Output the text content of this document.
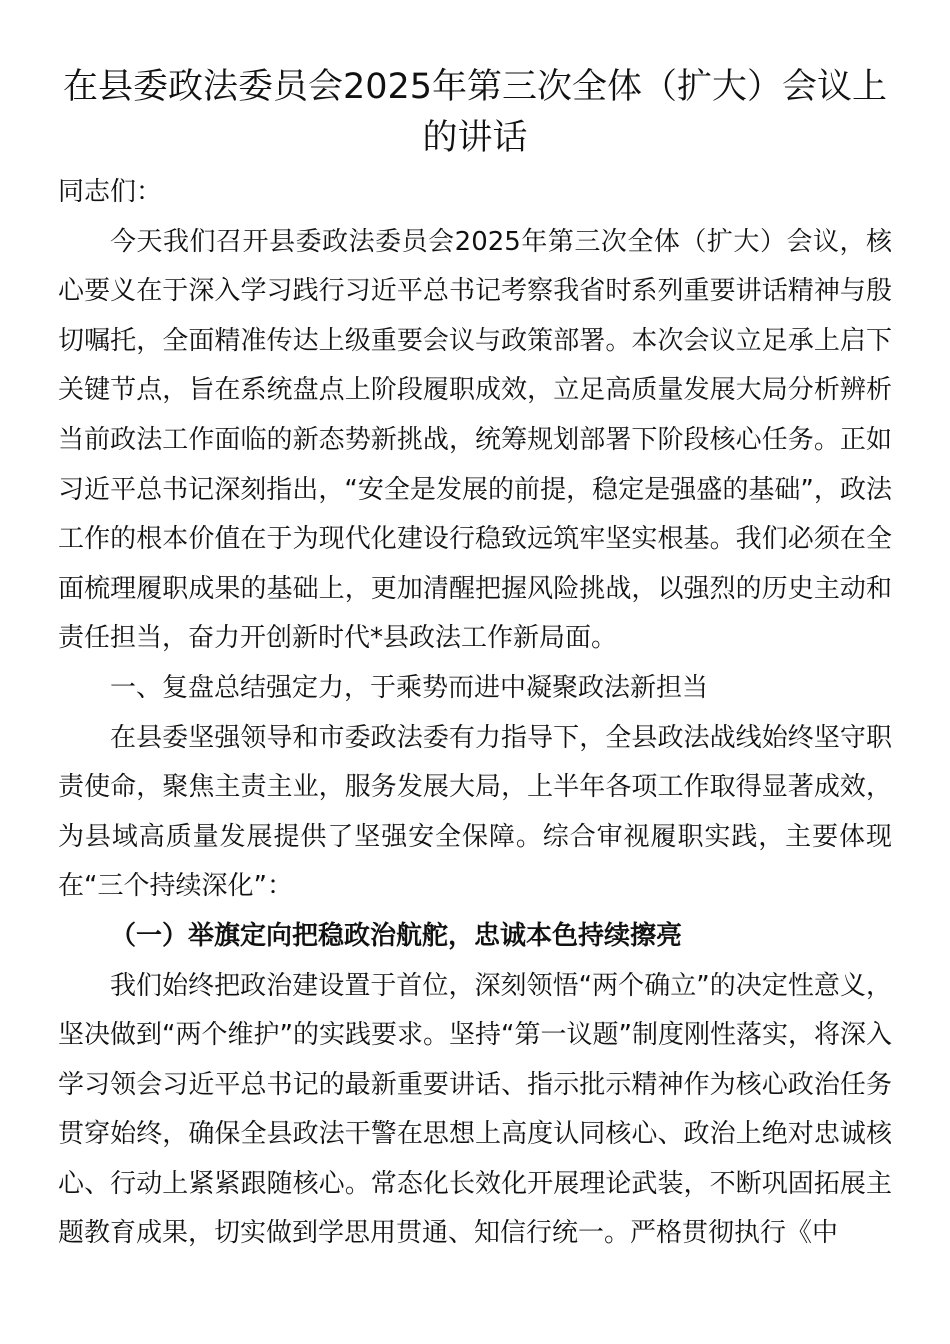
在县委政法委员会2025年第三次全体（扩大）会议上的讲话

同志们：

今天我们召开县委政法委员会2025年第三次全体（扩大）会议，核心要义在于深入学习践行习近平总书记考察我省时系列重要讲话精神与殷切嘱托，全面精准传达上级重要会议与政策部署。本次会议立足承上启下关键节点，旨在系统盘点上阶段履职成效，立足高质量发展大局分析辨析当前政法工作面临的新态势新挑战，统筹规划部署下阶段核心任务。正如习近平总书记深刻指出，“安全是发展的前提，稳定是强盛的基础”，政法工作的根本价值在于为现代化建设行稳致远筑牢坚实根基。我们必须在全面梳理履职成果的基础上，更加清醒把握风险挑战，以强烈的历史主动和责任担当，奋力开创新时代*县政法工作新局面。

一、复盘总结强定力，于乘势而进中凝聚政法新担当

在县委坚强领导和市委政法委有力指导下，全县政法战线始终坚守职责使命，聚焦主责主业，服务发展大局，上半年各项工作取得显著成效，为县域高质量发展提供了坚强安全保障。综合审视履职实践，主要体现在“三个持续深化”：

（一）举旗定向把稳政治航舵，忠诚本色持续擦亮

我们始终把政治建设置于首位，深刻领悟“两个确立”的决定性意义，坚决做到“两个维护”的实践要求。坚持“第一议题”制度刚性落实，将深入学习领会习近平总书记的最新重要讲话、指示批示精神作为核心政治任务贯穿始终，确保全县政法干警在思想上高度认同核心、政治上绝对忠诚核心、行动上紧紧跟随核心。常态化长效化开展理论武装，不断巩固拓展主题教育成果，切实做到学思用贯通、知信行统一。严格贯彻执行《中
